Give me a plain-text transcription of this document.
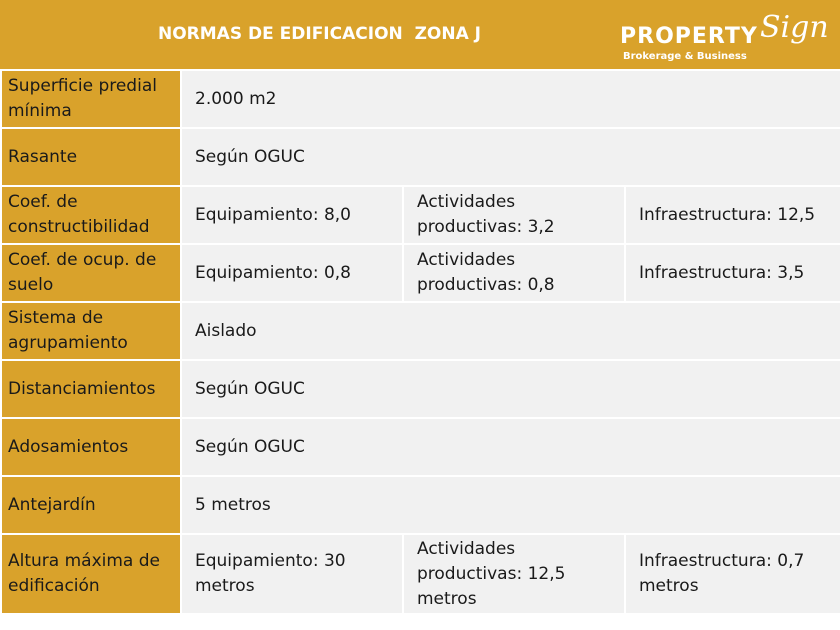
NORMAS DE EDIFICACION  ZONA J	PROPERTY Sign
Brokerage & Business
Superficie predial mínima	2.000 m2		
Rasante	Según OGUC		
Coef. de constructibilidad	Equipamiento: 8,0	Actividades productivas: 3,2	Infraestructura: 12,5
Coef. de ocup. de suelo	Equipamiento: 0,8	Actividades productivas: 0,8	Infraestructura: 3,5
Sistema de agrupamiento	Aislado		
Distanciamientos	Según OGUC		
Adosamientos	Según OGUC		
Antejardín	5 metros		
Altura máxima de edificación	Equipamiento: 30 metros	Actividades productivas: 12,5 metros	Infraestructura: 0,7 metros
